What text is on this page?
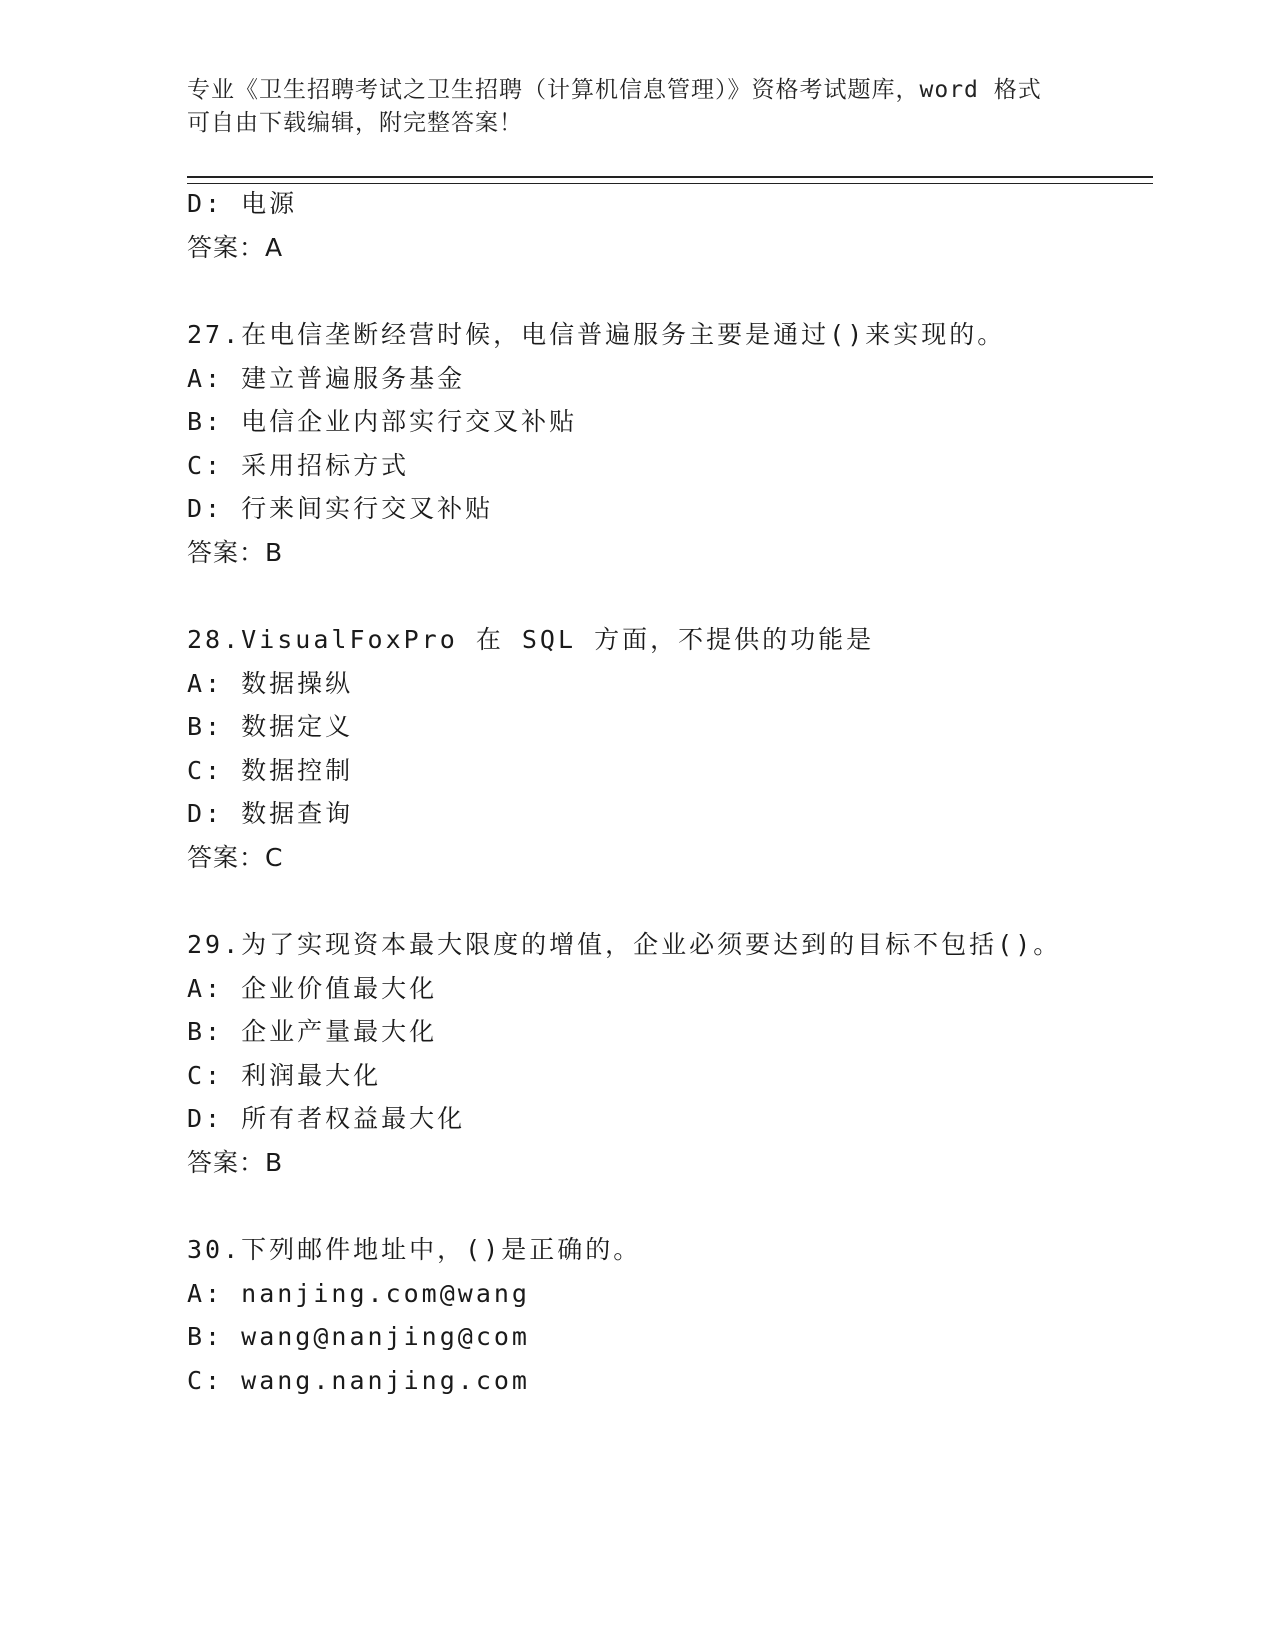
专业《卫生招聘考试之卫生招聘（计算机信息管理）》资格考试题库，word 格式
可自由下载编辑，附完整答案！
D: 电源
答案：A
27.在电信垄断经营时候，电信普遍服务主要是通过()来实现的。
A: 建立普遍服务基金
B: 电信企业内部实行交叉补贴
C: 采用招标方式
D: 行来间实行交叉补贴
答案：B
28.VisualFoxPro 在 SQL 方面，不提供的功能是
A: 数据操纵
B: 数据定义
C: 数据控制
D: 数据查询
答案：C
29.为了实现资本最大限度的增值，企业必须要达到的目标不包括()。
A: 企业价值最大化
B: 企业产量最大化
C: 利润最大化
D: 所有者权益最大化
答案：B
30.下列邮件地址中，()是正确的。
A: nanjing.com@wang
B: wang@nanjing@com
C: wang.nanjing.com
